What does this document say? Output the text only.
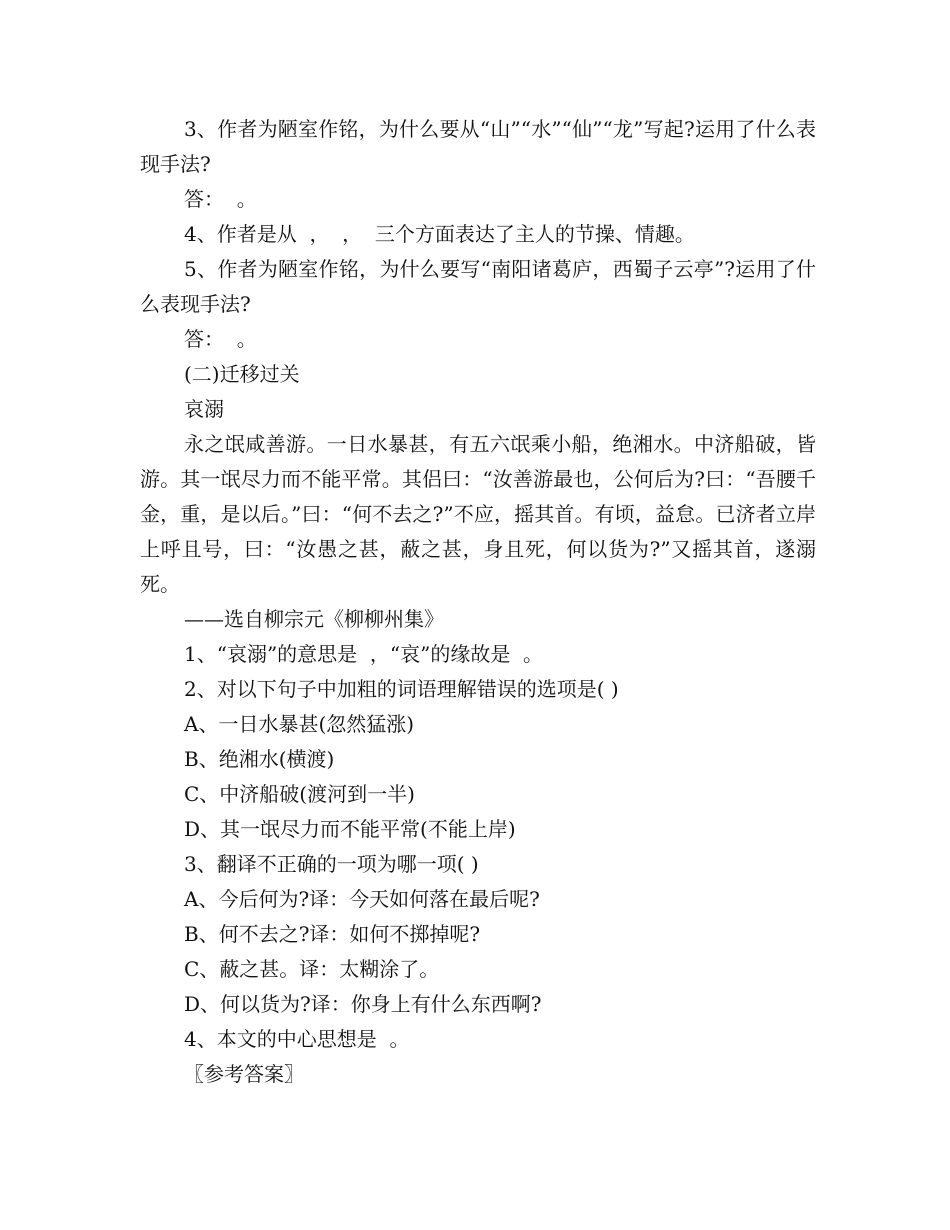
3、作者为陋室作铭，为什么要从“山”“水”“仙”“龙”写起?运用了什么表现手法?

答：  。

4、作者是从  ，  ，  三个方面表达了主人的节操、情趣。

5、作者为陋室作铭，为什么要写“南阳诸葛庐，西蜀子云亭”?运用了什么表现手法?

答：  。

(二)迁移过关

哀溺

永之氓咸善游。一日水暴甚，有五六氓乘小船，绝湘水。中济船破，皆游。其一氓尽力而不能平常。其侣曰：“汝善游最也，公何后为?曰：“吾腰千金，重，是以后。”曰：“何不去之?”不应，摇其首。有顷，益怠。已济者立岸上呼且号，曰：“汝愚之甚，蔽之甚，身且死，何以货为?”又摇其首，遂溺死。

——选自柳宗元《柳柳州集》

1、“哀溺”的意思是  ，“哀”的缘故是  。

2、对以下句子中加粗的词语理解错误的选项是( )

A、一日水暴甚(忽然猛涨)

B、绝湘水(横渡)

C、中济船破(渡河到一半)

D、其一氓尽力而不能平常(不能上岸)

3、翻译不正确的一项为哪一项( )

A、今后何为?译：今天如何落在最后呢?

B、何不去之?译：如何不掷掉呢?

C、蔽之甚。译：太糊涂了。

D、何以货为?译：你身上有什么东西啊?

4、本文的中心思想是  。

〖参考答案〗
